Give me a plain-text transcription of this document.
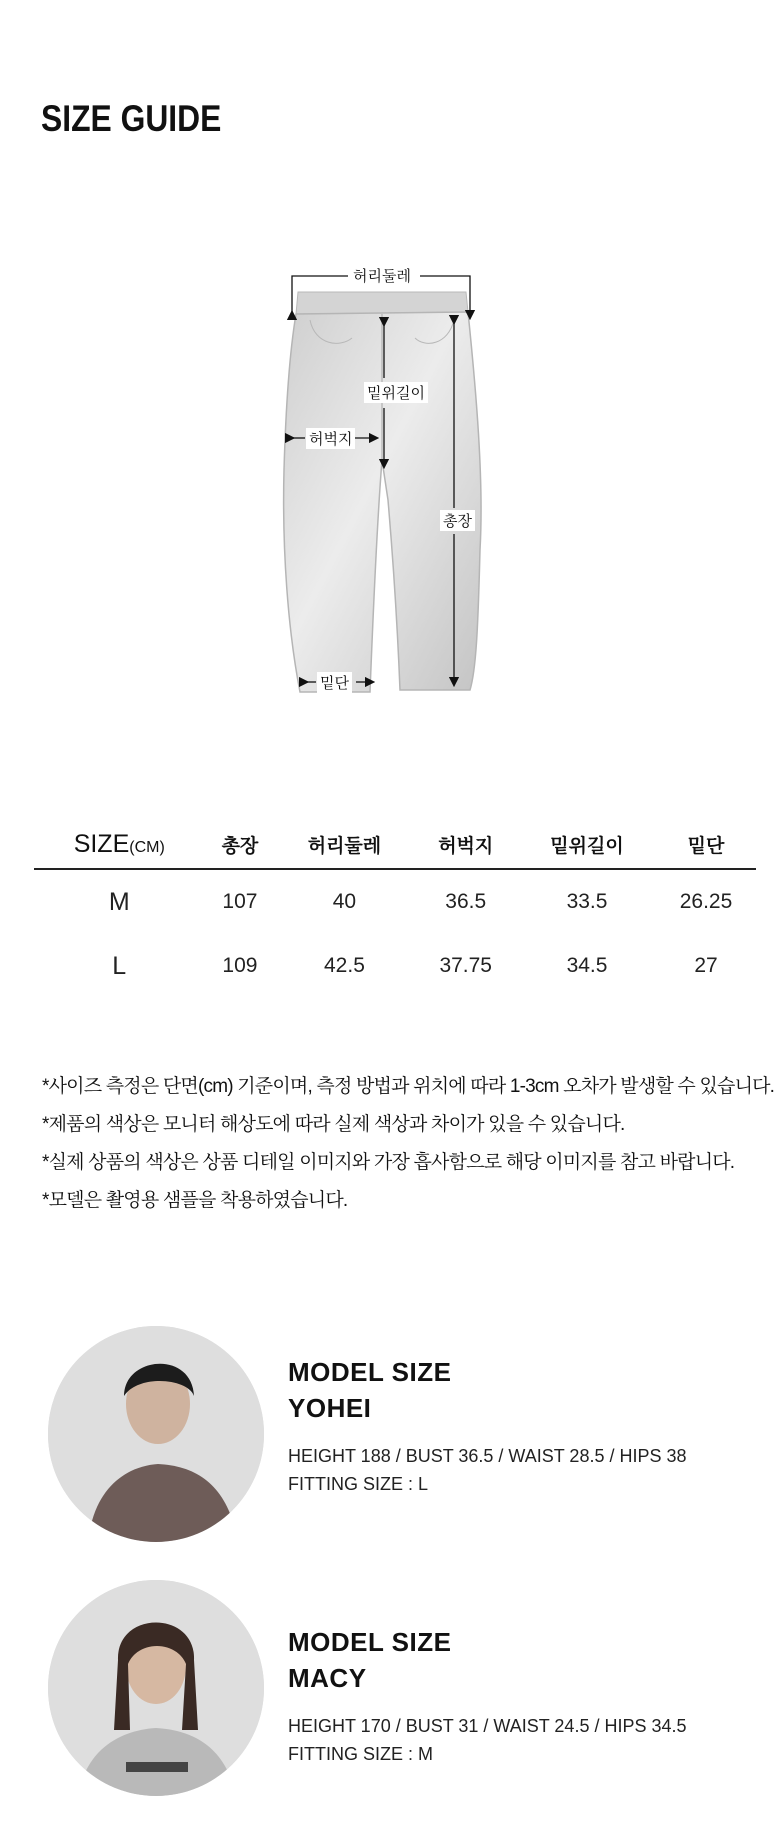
SIZE GUIDE
허리둘레
밑위길이
허벅지
총장
밑단
SIZE(CM)	총장	허리둘레	허벅지	밑위길이	밑단
M	107	40	36.5	33.5	26.25
L	109	42.5	37.75	34.5	27
*사이즈 측정은 단면(cm) 기준이며, 측정 방법과 위치에 따라 1-3cm 오차가 발생할 수 있습니다.
*제품의 색상은 모니터 해상도에 따라 실제 색상과 차이가 있을 수 있습니다.
*실제 상품의 색상은 상품 디테일 이미지와 가장 흡사함으로 해당 이미지를 참고 바랍니다.
*모델은 촬영용 샘플을 착용하였습니다.
MODEL SIZE
YOHEI
HEIGHT 188 / BUST 36.5 / WAIST 28.5 / HIPS 38
FITTING SIZE : L
MODEL SIZE
MACY
HEIGHT 170 / BUST 31 / WAIST 24.5 / HIPS 34.5
FITTING SIZE : M
